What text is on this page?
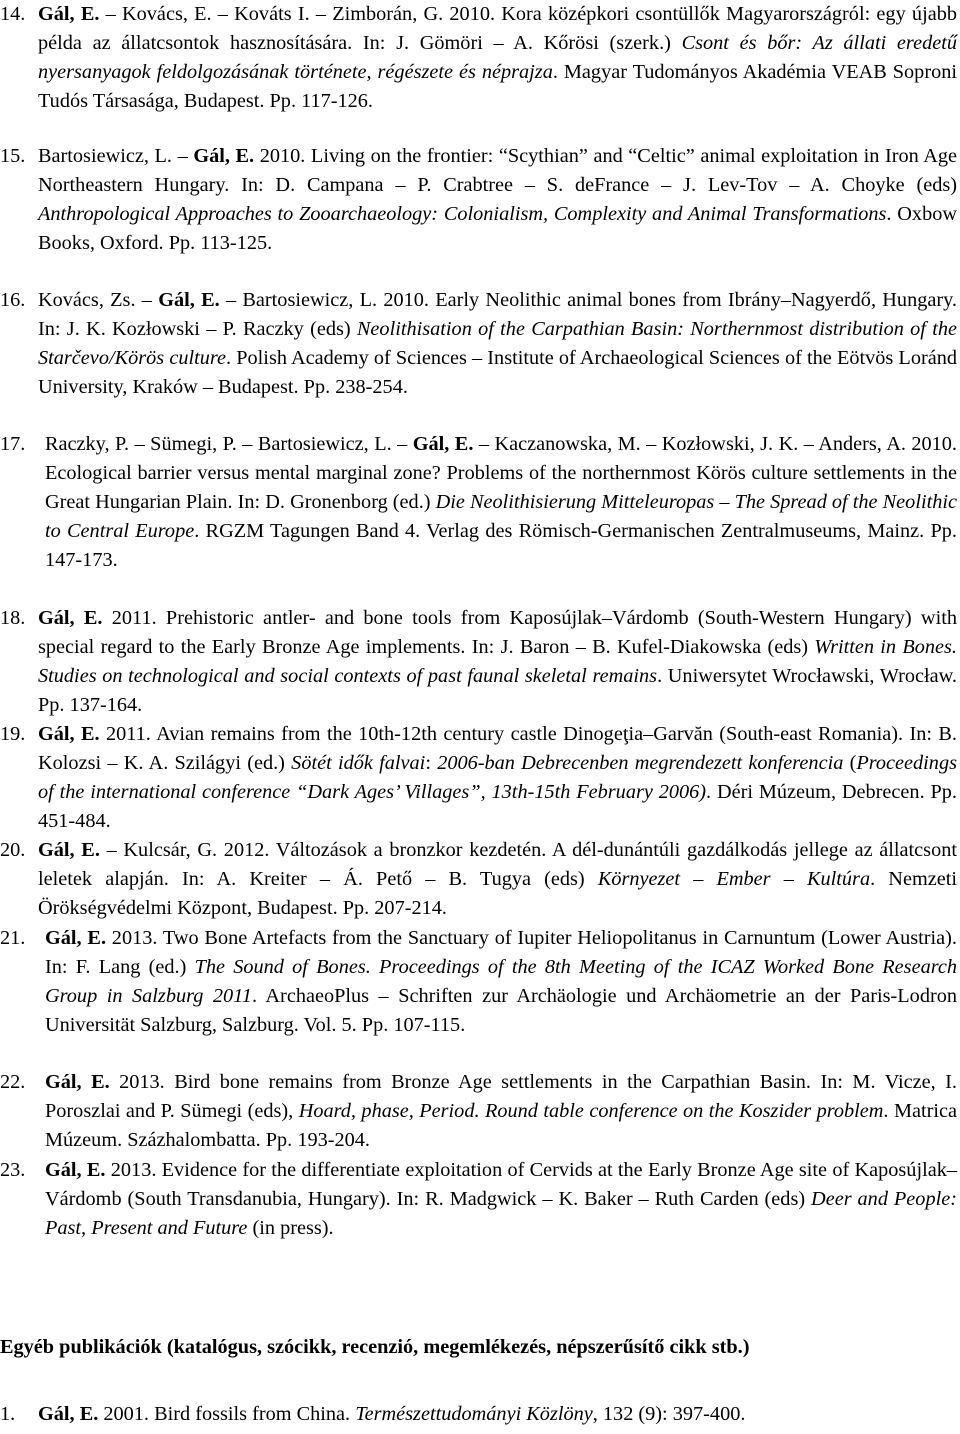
14. Gál, E. – Kovács, E. – Kováts I. – Zimborán, G. 2010. Kora középkori csontüllők Magyarországról: egy újabb példa az állatcsontok hasznosítására. In: J. Gömöri – A. Kőrösi (szerk.) Csont és bőr: Az állati eredetű nyersanyagok feldolgozásának története, régészete és néprajza. Magyar Tudományos Akadémia VEAB Soproni Tudós Társasága, Budapest. Pp. 117-126.
15. Bartosiewicz, L. – Gál, E. 2010. Living on the frontier: “Scythian” and “Celtic” animal exploitation in Iron Age Northeastern Hungary. In: D. Campana – P. Crabtree – S. deFrance – J. Lev-Tov – A. Choyke (eds) Anthropological Approaches to Zooarchaeology: Colonialism, Complexity and Animal Transformations. Oxbow Books, Oxford. Pp. 113-125.
16. Kovács, Zs. – Gál, E. – Bartosiewicz, L. 2010. Early Neolithic animal bones from Ibrány–Nagyerdő, Hungary. In: J. K. Kozłowski – P. Raczky (eds) Neolithisation of the Carpathian Basin: Northernmost distribution of the Starčevo/Körös culture. Polish Academy of Sciences – Institute of Archaeological Sciences of the Eötvös Loránd University, Kraków – Budapest. Pp. 238-254.
17. Raczky, P. – Sümegi, P. – Bartosiewicz, L. – Gál, E. – Kaczanowska, M. – Kozłowski, J. K. – Anders, A. 2010. Ecological barrier versus mental marginal zone? Problems of the northernmost Körös culture settlements in the Great Hungarian Plain. In: D. Gronenborg (ed.) Die Neolithisierung Mitteleuropas – The Spread of the Neolithic to Central Europe. RGZM Tagungen Band 4. Verlag des Römisch-Germanischen Zentralmuseums, Mainz. Pp. 147-173.
18. Gál, E. 2011. Prehistoric antler- and bone tools from Kaposújlak–Várdomb (South-Western Hungary) with special regard to the Early Bronze Age implements. In: J. Baron – B. Kufel-Diakowska (eds) Written in Bones. Studies on technological and social contexts of past faunal skeletal remains. Uniwersytet Wrocławski, Wrocław. Pp. 137-164.
19. Gál, E. 2011. Avian remains from the 10th-12th century castle Dinogeţia–Garvăn (South-east Romania). In: B. Kolozsi – K. A. Szilágyi (ed.) Sötét idők falvai: 2006-ban Debrecenben megrendezett konferencia (Proceedings of the international conference “Dark Ages’ Villages”, 13th-15th February 2006). Déri Múzeum, Debrecen. Pp. 451-484.
20. Gál, E. – Kulcsár, G. 2012. Változások a bronzkor kezdetén. A dél-dunántúli gazdálkodás jellege az állatcsont leletek alapján. In: A. Kreiter – Á. Pető – B. Tugya (eds) Környezet – Ember – Kultúra. Nemzeti Örökségvédelmi Központ, Budapest. Pp. 207-214.
21. Gál, E. 2013. Two Bone Artefacts from the Sanctuary of Iupiter Heliopolitanus in Carnuntum (Lower Austria). In: F. Lang (ed.) The Sound of Bones. Proceedings of the 8th Meeting of the ICAZ Worked Bone Research Group in Salzburg 2011. ArchaeoPlus – Schriften zur Archäologie und Archäometrie an der Paris-Lodron Universität Salzburg, Salzburg. Vol. 5. Pp. 107-115.
22. Gál, E. 2013. Bird bone remains from Bronze Age settlements in the Carpathian Basin. In: M. Vicze, I. Poroszlai and P. Sümegi (eds), Hoard, phase, Period. Round table conference on the Koszider problem. Matrica Múzeum. Százhalombatta. Pp. 193-204.
23. Gál, E. 2013. Evidence for the differentiate exploitation of Cervids at the Early Bronze Age site of Kaposújlak–Várdomb (South Transdanubia, Hungary). In: R. Madgwick – K. Baker – Ruth Carden (eds) Deer and People: Past, Present and Future (in press).
Egyéb publikációk (katalógus, szócikk, recenzió, megemlékezés, népszerűsítő cikk stb.)
1. Gál, E. 2001. Bird fossils from China. Természettudományi Közlöny, 132 (9): 397-400.
